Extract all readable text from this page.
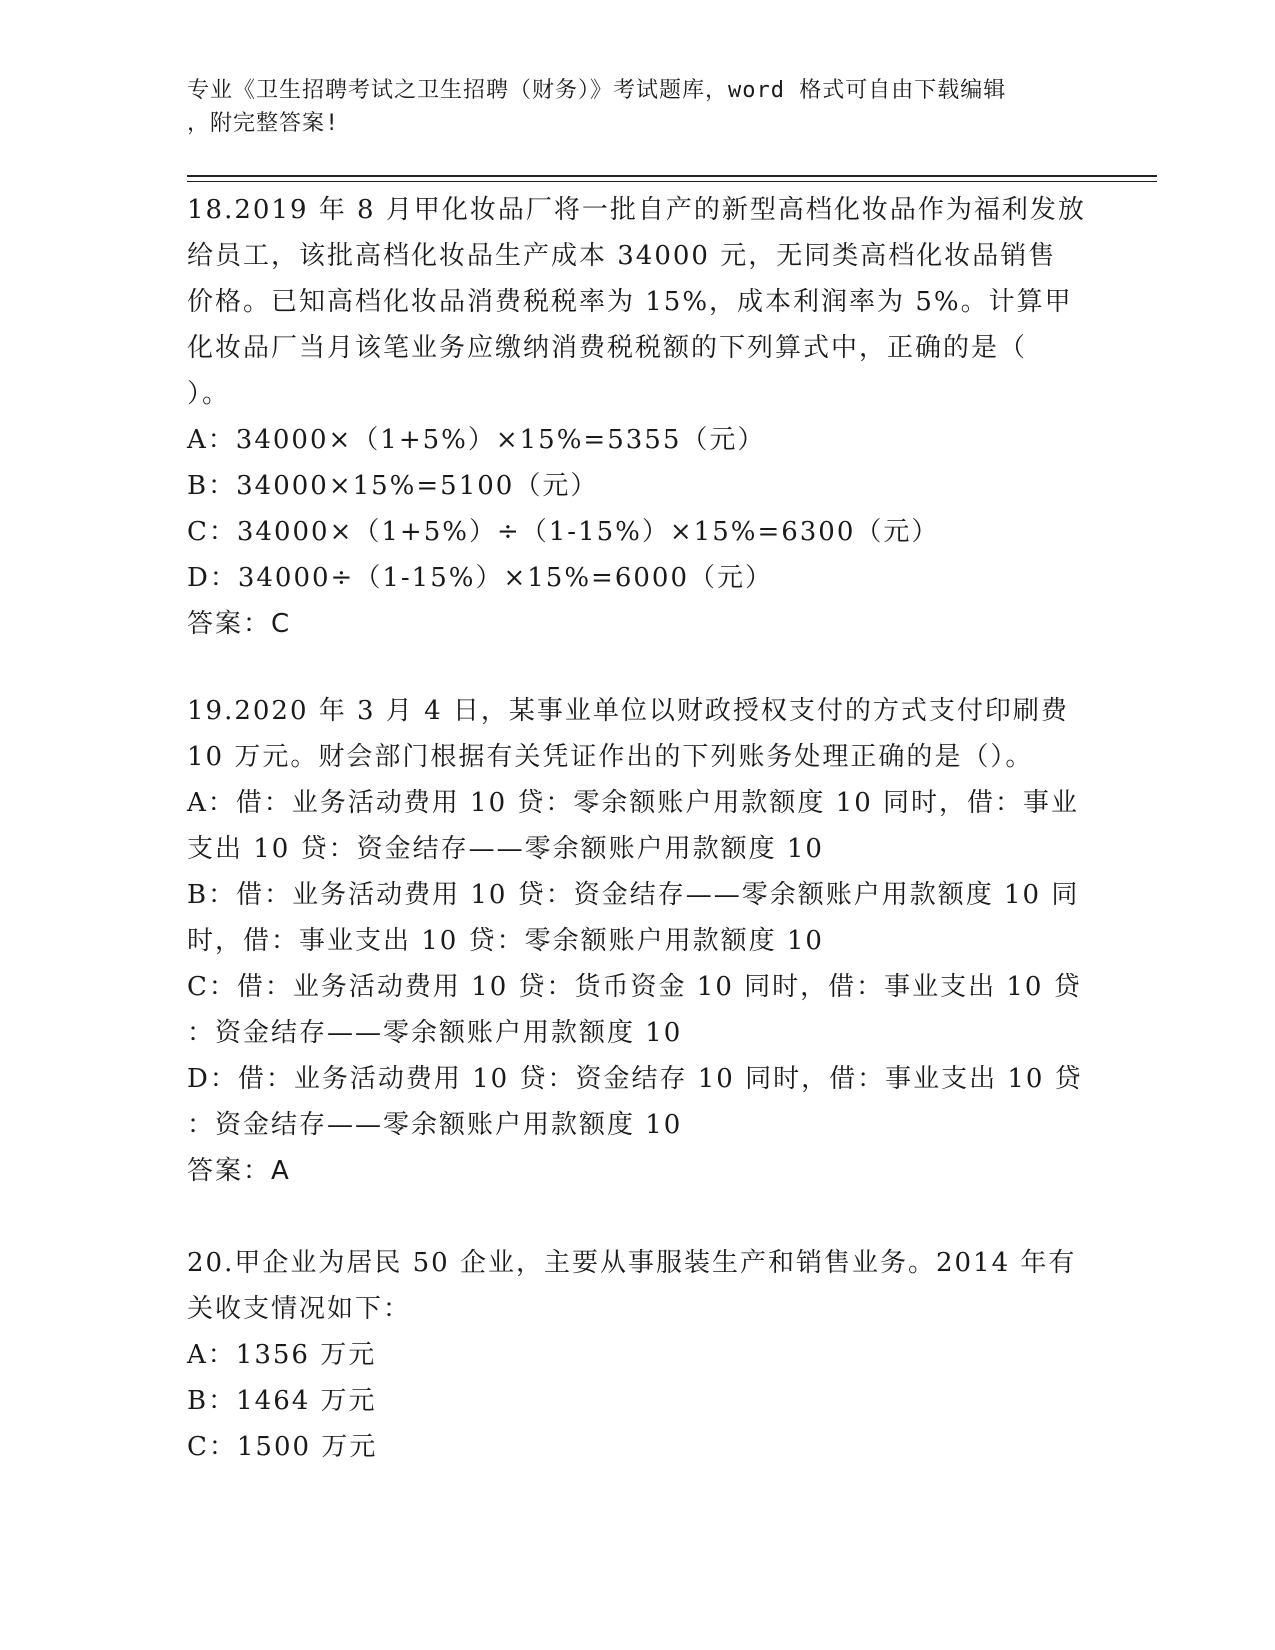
专业《卫生招聘考试之卫生招聘（财务）》考试题库，word 格式可自由下载编辑
，附完整答案!
18.2019 年 8 月甲化妆品厂将一批自产的新型高档化妆品作为福利发放
给员工，该批高档化妆品生产成本 34000 元，无同类高档化妆品销售
价格。已知高档化妆品消费税税率为 15%，成本利润率为 5%。计算甲
化妆品厂当月该笔业务应缴纳消费税税额的下列算式中，正确的是（
）。
A：34000×（1+5%）×15%=5355（元）
B：34000×15%=5100（元）
C：34000×（1+5%）÷（1-15%）×15%=6300（元）
D：34000÷（1-15%）×15%=6000（元）
答案：C
19.2020 年 3 月 4 日，某事业单位以财政授权支付的方式支付印刷费
10 万元。财会部门根据有关凭证作出的下列账务处理正确的是（）。
A：借：业务活动费用 10 贷：零余额账户用款额度 10 同时，借：事业
支出 10 贷：资金结存——零余额账户用款额度 10
B：借：业务活动费用 10 贷：资金结存——零余额账户用款额度 10 同
时，借：事业支出 10 贷：零余额账户用款额度 10
C：借：业务活动费用 10 贷：货币资金 10 同时，借：事业支出 10 贷
：资金结存——零余额账户用款额度 10
D：借：业务活动费用 10 贷：资金结存 10 同时，借：事业支出 10 贷
：资金结存——零余额账户用款额度 10
答案：A
20.甲企业为居民 50 企业，主要从事服装生产和销售业务。2014 年有
关收支情况如下：
A：1356 万元
B：1464 万元
C：1500 万元
